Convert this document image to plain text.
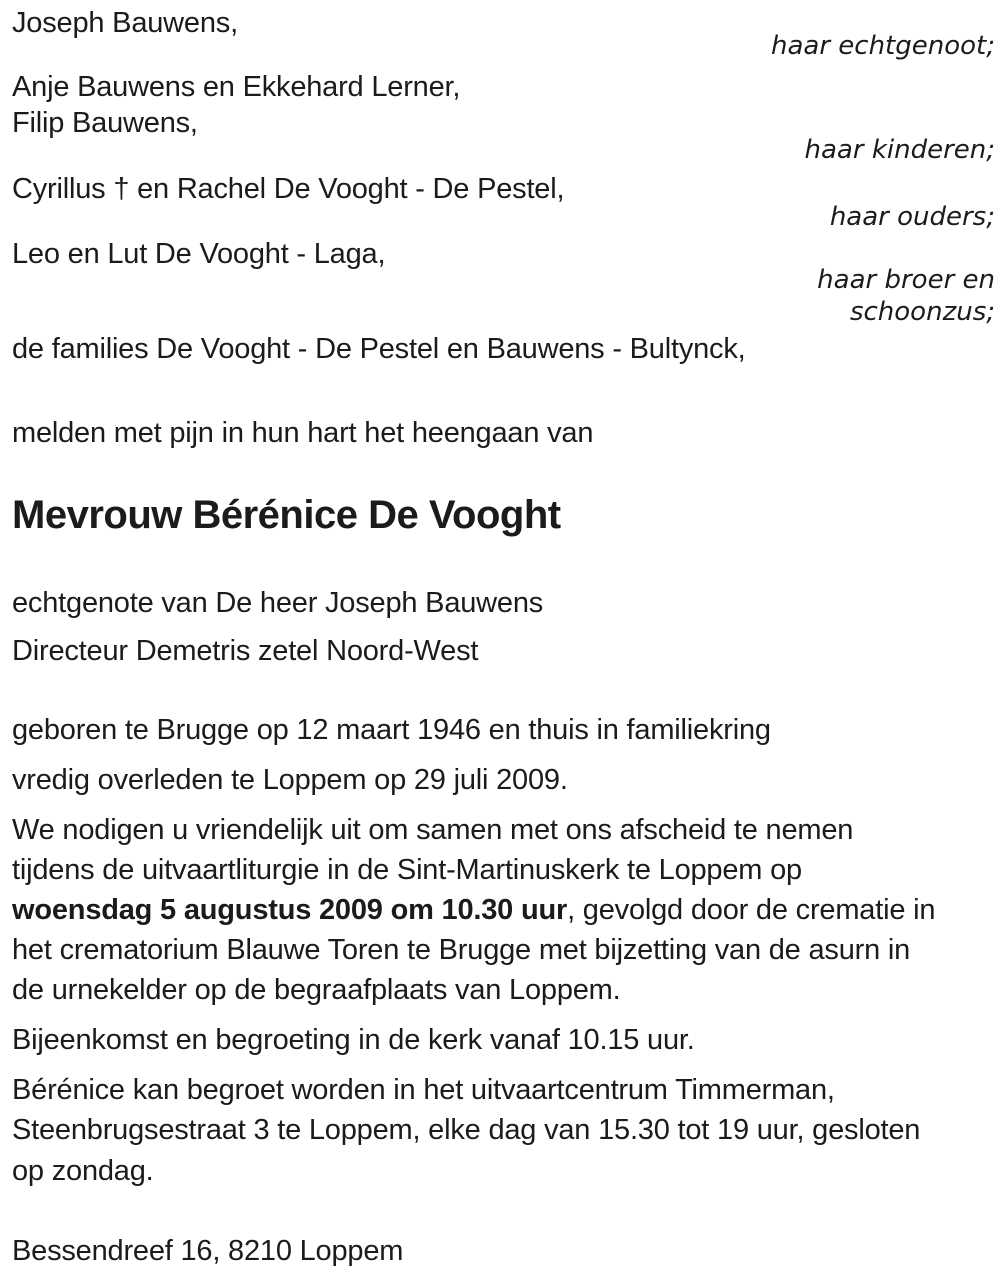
Joseph Bauwens,
haar echtgenoot;
Anje Bauwens en Ekkehard Lerner,
Filip Bauwens,
haar kinderen;
Cyrillus † en Rachel De Vooght - De Pestel,
haar ouders;
Leo en Lut De Vooght - Laga,
haar broer en
schoonzus;
de families De Vooght - De Pestel en Bauwens - Bultynck,
melden met pijn in hun hart het heengaan van
Mevrouw Bérénice De Vooght
echtgenote van De heer Joseph Bauwens
Directeur Demetris zetel Noord-West
geboren te Brugge op 12 maart 1946 en thuis in familiekring
vredig overleden te Loppem op 29 juli 2009.
We nodigen u vriendelijk uit om samen met ons afscheid te nemen
tijdens de uitvaartliturgie in de Sint-Martinuskerk te Loppem op
woensdag 5 augustus 2009 om 10.30 uur, gevolgd door de crematie in
het crematorium Blauwe Toren te Brugge met bijzetting van de asurn in
de urnekelder op de begraafplaats van Loppem.
Bijeenkomst en begroeting in de kerk vanaf 10.15 uur.
Bérénice kan begroet worden in het uitvaartcentrum Timmerman,
Steenbrugsestraat 3 te Loppem, elke dag van 15.30 tot 19 uur, gesloten
op zondag.
Bessendreef 16, 8210 Loppem
